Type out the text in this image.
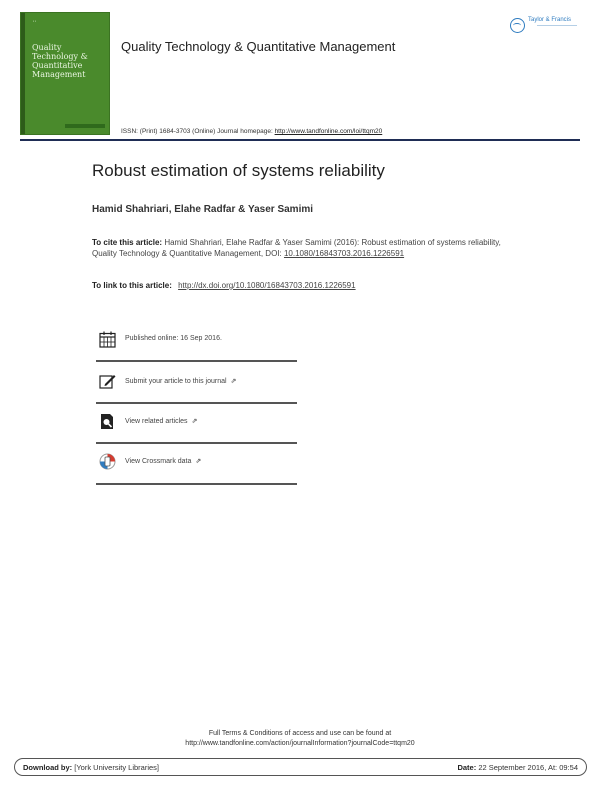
▪ ▪
Quality Technology & Quantitative Management
Quality Technology & Quantitative Management
Taylor & Francis
ISSN: (Print) 1684-3703 (Online) Journal homepage: http://www.tandfonline.com/loi/ttqm20
Robust estimation of systems reliability
Hamid Shahriari, Elahe Radfar & Yaser Samimi
To cite this article: Hamid Shahriari, Elahe Radfar & Yaser Samimi (2016): Robust estimation of systems reliability, Quality Technology & Quantitative Management, DOI: 10.1080/16843703.2016.1226591
To link to this article: http://dx.doi.org/10.1080/16843703.2016.1226591
Published online: 16 Sep 2016.
Submit your article to this journal ⇗
View related articles ⇗
View Crossmark data ⇗
Full Terms & Conditions of access and use can be found at
http://www.tandfonline.com/action/journalInformation?journalCode=ttqm20
Download by: [York University Libraries]	Date: 22 September 2016, At: 09:54
